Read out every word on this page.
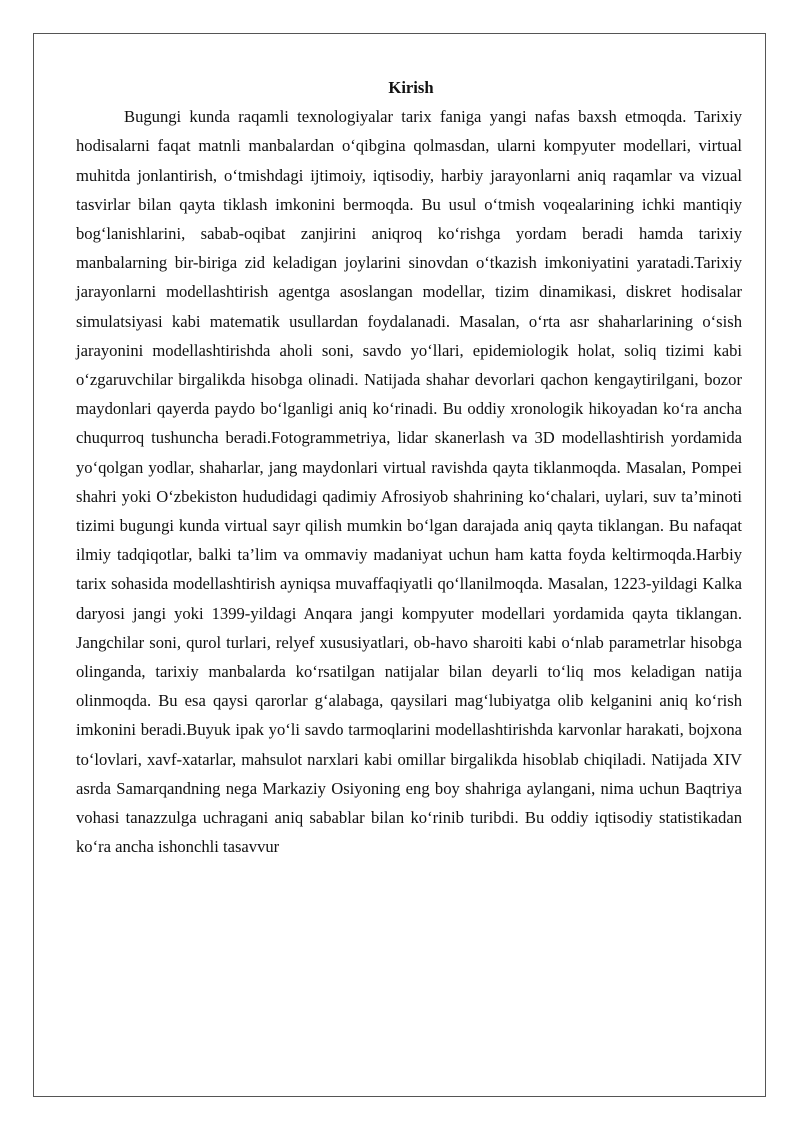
Kirish

Bugungi kunda raqamli texnologiyalar tarix faniga yangi nafas baxsh etmoqda. Tarixiy hodisalarni faqat matnli manbalardan o‘qibgina qolmasdan, ularni kompyuter modellari, virtual muhitda jonlantirish, o‘tmishdagi ijtimoiy, iqtisodiy, harbiy jarayonlarni aniq raqamlar va vizual tasvirlar bilan qayta tiklash imkonini bermoqda. Bu usul o‘tmish voqealarining ichki mantiqiy bog‘lanishlarini, sabab-oqibat zanjirini aniqroq ko‘rishga yordam beradi hamda tarixiy manbalarning bir-biriga zid keladigan joylarini sinovdan o‘tkazish imkoniyatini yaratadi.Tarixiy jarayonlarni modellashtirish agentga asoslangan modellar, tizim dinamikasi, diskret hodisalar simulatsiyasi kabi matematik usullardan foydalanadi. Masalan, o‘rta asr shaharlarining o‘sish jarayonini modellashtirishda aholi soni, savdo yo‘llari, epidemiologik holat, soliq tizimi kabi o‘zgaruvchilar birgalikda hisobga olinadi. Natijada shahar devorlari qachon kengaytirilgani, bozor maydonlari qayerda paydo bo‘lganligi aniq ko‘rinadi. Bu oddiy xronologik hikoyadan ko‘ra ancha chuqurroq tushuncha beradi.Fotogrammetriya, lidar skanerlash va 3D modellashtirish yordamida yo‘qolgan yodlar, shaharlar, jang maydonlari virtual ravishda qayta tiklanmoqda. Masalan, Pompei shahri yoki O‘zbekiston hududidagi qadimiy Afrosiyob shahrining ko‘chalari, uylari, suv ta’minoti tizimi bugungi kunda virtual sayr qilish mumkin bo‘lgan darajada aniq qayta tiklangan. Bu nafaqat ilmiy tadqiqotlar, balki ta’lim va ommaviy madaniyat uchun ham katta foyda keltirmoqda.Harbiy tarix sohasida modellashtirish ayniqsa muvaffaqiyatli qo‘llanilmoqda. Masalan, 1223-yildagi Kalka daryosi jangi yoki 1399-yildagi Anqara jangi kompyuter modellari yordamida qayta tiklangan. Jangchilar soni, qurol turlari, relyef xususiyatlari, ob-havo sharoiti kabi o‘nlab parametrlar hisobga olinganda, tarixiy manbalarda ko‘rsatilgan natijalar bilan deyarli to‘liq mos keladigan natija olinmoqda. Bu esa qaysi qarorlar g‘alabaga, qaysilari mag‘lubiyatga olib kelganini aniq ko‘rish imkonini beradi.Buyuk ipak yo‘li savdo tarmoqlarini modellashtirishda karvonlar harakati, bojxona to‘lovlari, xavf-xatarlar, mahsulot narxlari kabi omillar birgalikda hisoblab chiqiladi. Natijada XIV asrda Samarqandning nega Markaziy Osiyoning eng boy shahriga aylangani, nima uchun Baqtriya vohasi tanazzulga uchragani aniq sabablar bilan ko‘rinib turibdi. Bu oddiy iqtisodiy statistikadan ko‘ra ancha ishonchli tasavvur
